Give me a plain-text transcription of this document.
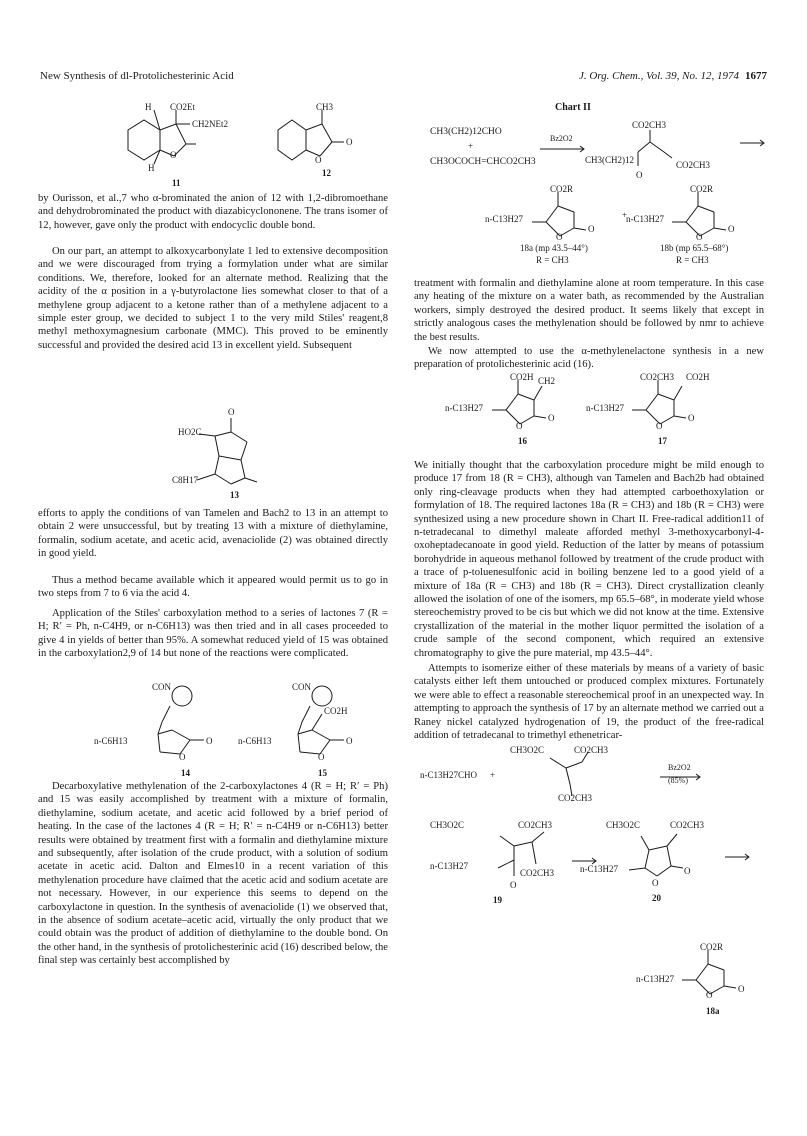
New Synthesis of dl-Protolichesterinic Acid	J. Org. Chem., Vol. 39, No. 12, 1974 1677
H CO2Et
CH2NEt2
O
H
11
CH3
O
O
12

by Ourisson, et al.,7 who α-brominated the anion of 12 with 1,2-dibromoethane and dehydrobrominated the product with diazabicyclononene. The trans isomer of 12, however, gave only the product with endocyclic double bond.

On our part, an attempt to alkoxycarbonylate 1 led to extensive decomposition and we were discouraged from trying a formylation under what are similar conditions. We, therefore, looked for an alternate method. Realizing that the acidity of the α position in a γ-butyrolactone lies somewhat closer to that of a methylene group adjacent to a ketone rather than of a methylene adjacent to a simple ester group, we decided to subject 1 to the very mild Stiles' reagent,8 methyl methoxymagnesium carbonate (MMC). This proved to be eminently successful and provided the desired acid 13 in excellent yield. Subsequent

O
HO2C
C8H17
13

efforts to apply the conditions of van Tamelen and Bach2 to 13 in an attempt to obtain 2 were unsuccessful, but by treating 13 with a mixture of diethylamine, formalin, sodium acetate, and acetic acid, avenaciolide (2) was obtained directly in good yield.

Thus a method became available which it appeared would permit us to go in two steps from 7 to 6 via the acid 4.

Application of the Stiles' carboxylation method to a series of lactones 7 (R = H; R′ = Ph, n-C4H9, or n-C6H13) was then tried and in all cases proceeded to give 4 in yields of better than 95%. A somewhat reduced yield of 15 was obtained in the carboxylation2,9 of 14 but none of the reactions were complicated.

CON
n-C6H13
O
O
14
CON
CO2H
n-C6H13
O
O
15

Decarboxylative methylenation of the 2-carboxylactones 4 (R = H; R′ = Ph) and 15 was easily accomplished by treatment with a mixture of formalin, diethylamine, sodium acetate, and acetic acid followed by a brief period of heating. In the case of the lactones 4 (R = H; R′ = n-C4H9 or n-C6H13) better results were obtained by treatment first with a formalin and diethylamine mixture and subsequently, after isolation of the crude product, with a solution of sodium acetate in acetic acid. Dalton and Elmes10 in a recent variation of this methylenation procedure have claimed that the acetic acid and sodium acetate are not necessary. However, in our experience this seems to depend on the carboxylactone in question. In the synthesis of avenaciolide (1) we observed that, in the absence of sodium acetate–acetic acid, virtually the only product that we could obtain was the product of addition of diethylamine to the double bond. On the other hand, in the synthesis of protolichesterinic acid (16) described below, the final step was certainly best accomplished by

Chart II
CH3(CH2)12CHO
+
CH3OCOCH=CHCO2CH3
Bz2O2
CO2CH3
CH3(CH2)12	CO2CH3
O
CO2R
n-C13H27
O
O
+
18a (mp 43.5–44°)
R = CH3
CO2R
n-C13H27
O
O
18b (mp 65.5–68°)
R = CH3

treatment with formalin and diethylamine alone at room temperature. In this case any heating of the mixture on a water bath, as recommended by the Australian workers, simply destroyed the desired product. It seems likely that except in strictly analogous cases the methylenation should be followed by nmr to achieve the best results.

We now attempted to use the α-methylenelactone synthesis in a new preparation of protolichesterinic acid (16).

CO2H CH2
n-C13H27
O
O
16
CO2CH3 CO2H
n-C13H27
O
O
17

We initially thought that the carboxylation procedure might be mild enough to produce 17 from 18 (R = CH3), although van Tamelen and Bach2b had obtained only ring-cleavage products when they had attempted carboethoxylation or formylation of 18. The required lactones 18a (R = CH3) and 18b (R = CH3) were synthesized using a new procedure shown in Chart II. Free-radical addition11 of n-tetradecanal to dimethyl maleate afforded methyl 3-methoxycarbonyl-4-oxoheptadecanoate in good yield. Reduction of the latter by means of potassium borohydride in aqueous methanol followed by treatment of the crude product with a trace of p-toluenesulfonic acid in boiling benzene led to a good yield of a mixture of 18a (R = CH3) and 18b (R = CH3). Direct crystallization cleanly allowed the isolation of one of the isomers, mp 65.5–68°, in moderate yield whose stereochemistry proved to be cis but which we did not know at the time. Extensive crystallization of the material in the mother liquor permitted the isolation of a crude sample of the second component, which required an extensive chromatography to give the pure material, mp 43.5–44°.

Attempts to isomerize either of these materials by means of a variety of basic catalysts either left them untouched or produced complex mixtures. Fortunately we were able to effect a reasonable stereochemical proof in an unexpected way. In attempting to approach the synthesis of 17 by an alternate method we carried out a Raney nickel catalyzed hydrogenation of 19, the product of the free-radical addition of tetradecanal to trimethyl ethenetricar-

n-C13H27CHO +
CH3O2C	CO2CH3
CO2CH3
Bz2O2
(85%)
CH3O2C	CO2CH3
n-C13H27
CO2CH3
O
19
CH3O2C	CO2CH3
n-C13H27
O
O
20
CO2R
n-C13H27
O
O
18a
